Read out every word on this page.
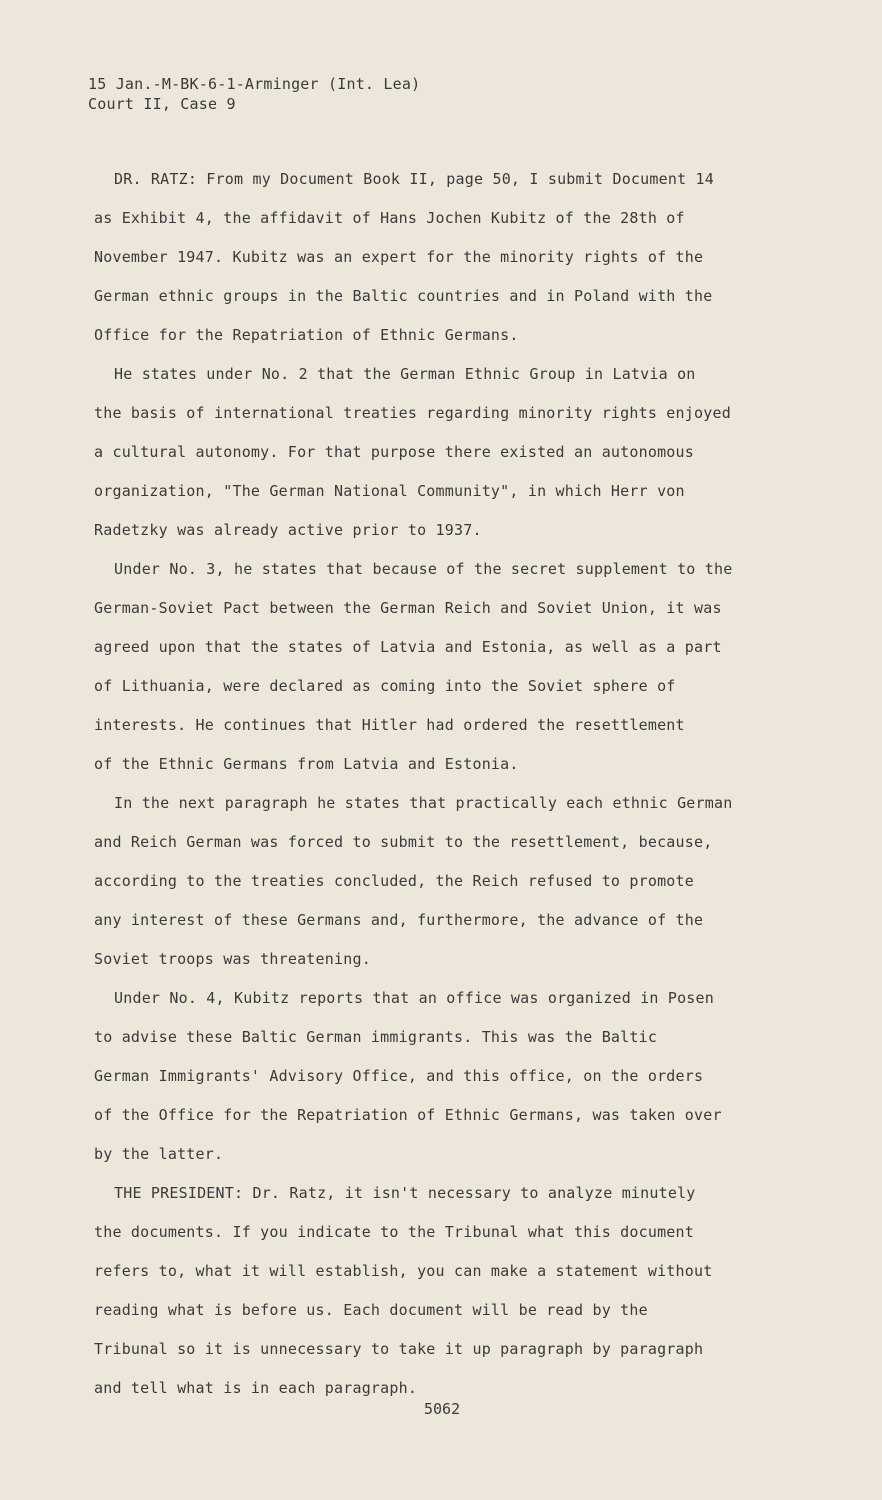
15 Jan.-M-BK-6-1-Arminger (Int. Lea)
Court II, Case 9

DR. RATZ: From my Document Book II, page 50, I submit Document 14
as Exhibit 4, the affidavit of Hans Jochen Kubitz of the 28th of
November 1947. Kubitz was an expert for the minority rights of the
German ethnic groups in the Baltic countries and in Poland with the
Office for the Repatriation of Ethnic Germans.

He states under No. 2 that the German Ethnic Group in Latvia on
the basis of international treaties regarding minority rights enjoyed
a cultural autonomy. For that purpose there existed an autonomous
organization, "The German National Community", in which Herr von
Radetzky was already active prior to 1937.

Under No. 3, he states that because of the secret supplement to the
German-Soviet Pact between the German Reich and Soviet Union, it was
agreed upon that the states of Latvia and Estonia, as well as a part
of Lithuania, were declared as coming into the Soviet sphere of
interests. He continues that Hitler had ordered the resettlement
of the Ethnic Germans from Latvia and Estonia.

In the next paragraph he states that practically each ethnic German
and Reich German was forced to submit to the resettlement, because,
according to the treaties concluded, the Reich refused to promote
any interest of these Germans and, furthermore, the advance of the
Soviet troops was threatening.

Under No. 4, Kubitz reports that an office was organized in Posen
to advise these Baltic German immigrants. This was the Baltic
German Immigrants' Advisory Office, and this office, on the orders
of the Office for the Repatriation of Ethnic Germans, was taken over
by the latter.

THE PRESIDENT: Dr. Ratz, it isn't necessary to analyze minutely
the documents. If you indicate to the Tribunal what this document
refers to, what it will establish, you can make a statement without
reading what is before us. Each document will be read by the
Tribunal so it is unnecessary to take it up paragraph by paragraph
and tell what is in each paragraph.

5062
